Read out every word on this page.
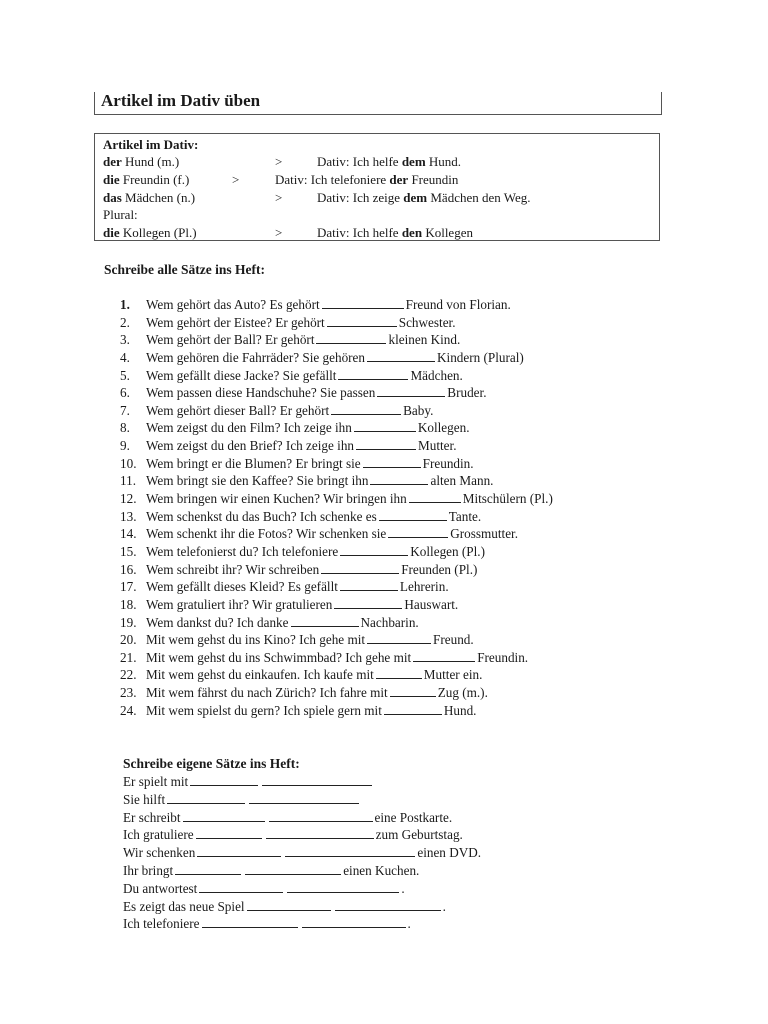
Artikel im Dativ üben
Artikel im Dativ:
der Hund (m.)	>	Dativ: Ich helfe dem Hund.
die Freundin (f.)	>	Dativ: Ich telefoniere der Freundin
das Mädchen (n.)	>	Dativ: Ich zeige dem Mädchen den Weg.
Plural:
die Kollegen (Pl.)	>	Dativ: Ich helfe den Kollegen
Schreibe alle Sätze ins Heft:
1. Wem gehört das Auto? Es gehört	Freund von Florian.
2. Wem gehört der Eistee? Er gehört	Schwester.
3. Wem gehört der Ball? Er gehört	kleinen Kind.
4. Wem gehören die Fahrräder? Sie gehören	Kindern (Plural)
5. Wem gefällt diese Jacke? Sie gefällt	Mädchen.
6. Wem passen diese Handschuhe? Sie passen	Bruder.
7. Wem gehört dieser Ball? Er gehört	Baby.
8. Wem zeigst du den Film? Ich zeige ihn	Kollegen.
9. Wem zeigst du den Brief? Ich zeige ihn	Mutter.
10. Wem bringt er die Blumen? Er bringt sie	Freundin.
11. Wem bringt sie den Kaffee? Sie bringt ihn	alten Mann.
12. Wem bringen wir einen Kuchen? Wir bringen ihn	Mitschülern (Pl.)
13. Wem schenkst du das Buch? Ich schenke es	Tante.
14. Wem schenkt ihr die Fotos? Wir schenken sie	Grossmutter.
15. Wem telefonierst du? Ich telefoniere	Kollegen (Pl.)
16. Wem schreibt ihr? Wir schreiben	Freunden (Pl.)
17. Wem gefällt dieses Kleid? Es gefällt	Lehrerin.
18. Wem gratuliert ihr? Wir gratulieren	Hauswart.
19. Wem dankst du? Ich danke	Nachbarin.
20. Mit wem gehst du ins Kino? Ich gehe mit	Freund.
21. Mit wem gehst du ins Schwimmbad? Ich gehe mit	Freundin.
22. Mit wem gehst du einkaufen. Ich kaufe mit	Mutter ein.
23. Mit wem fährst du nach Zürich? Ich fahre mit	Zug (m.).
24. Mit wem spielst du gern? Ich spiele gern mit	Hund.
Schreibe eigene Sätze ins Heft:
Er spielt mit
Sie hilft
Er schreibt	eine Postkarte.
Ich gratuliere	zum Geburtstag.
Wir schenken	einen DVD.
Ihr bringt	einen Kuchen.
Du antwortest	.
Es zeigt das neue Spiel	.
Ich telefoniere	.
